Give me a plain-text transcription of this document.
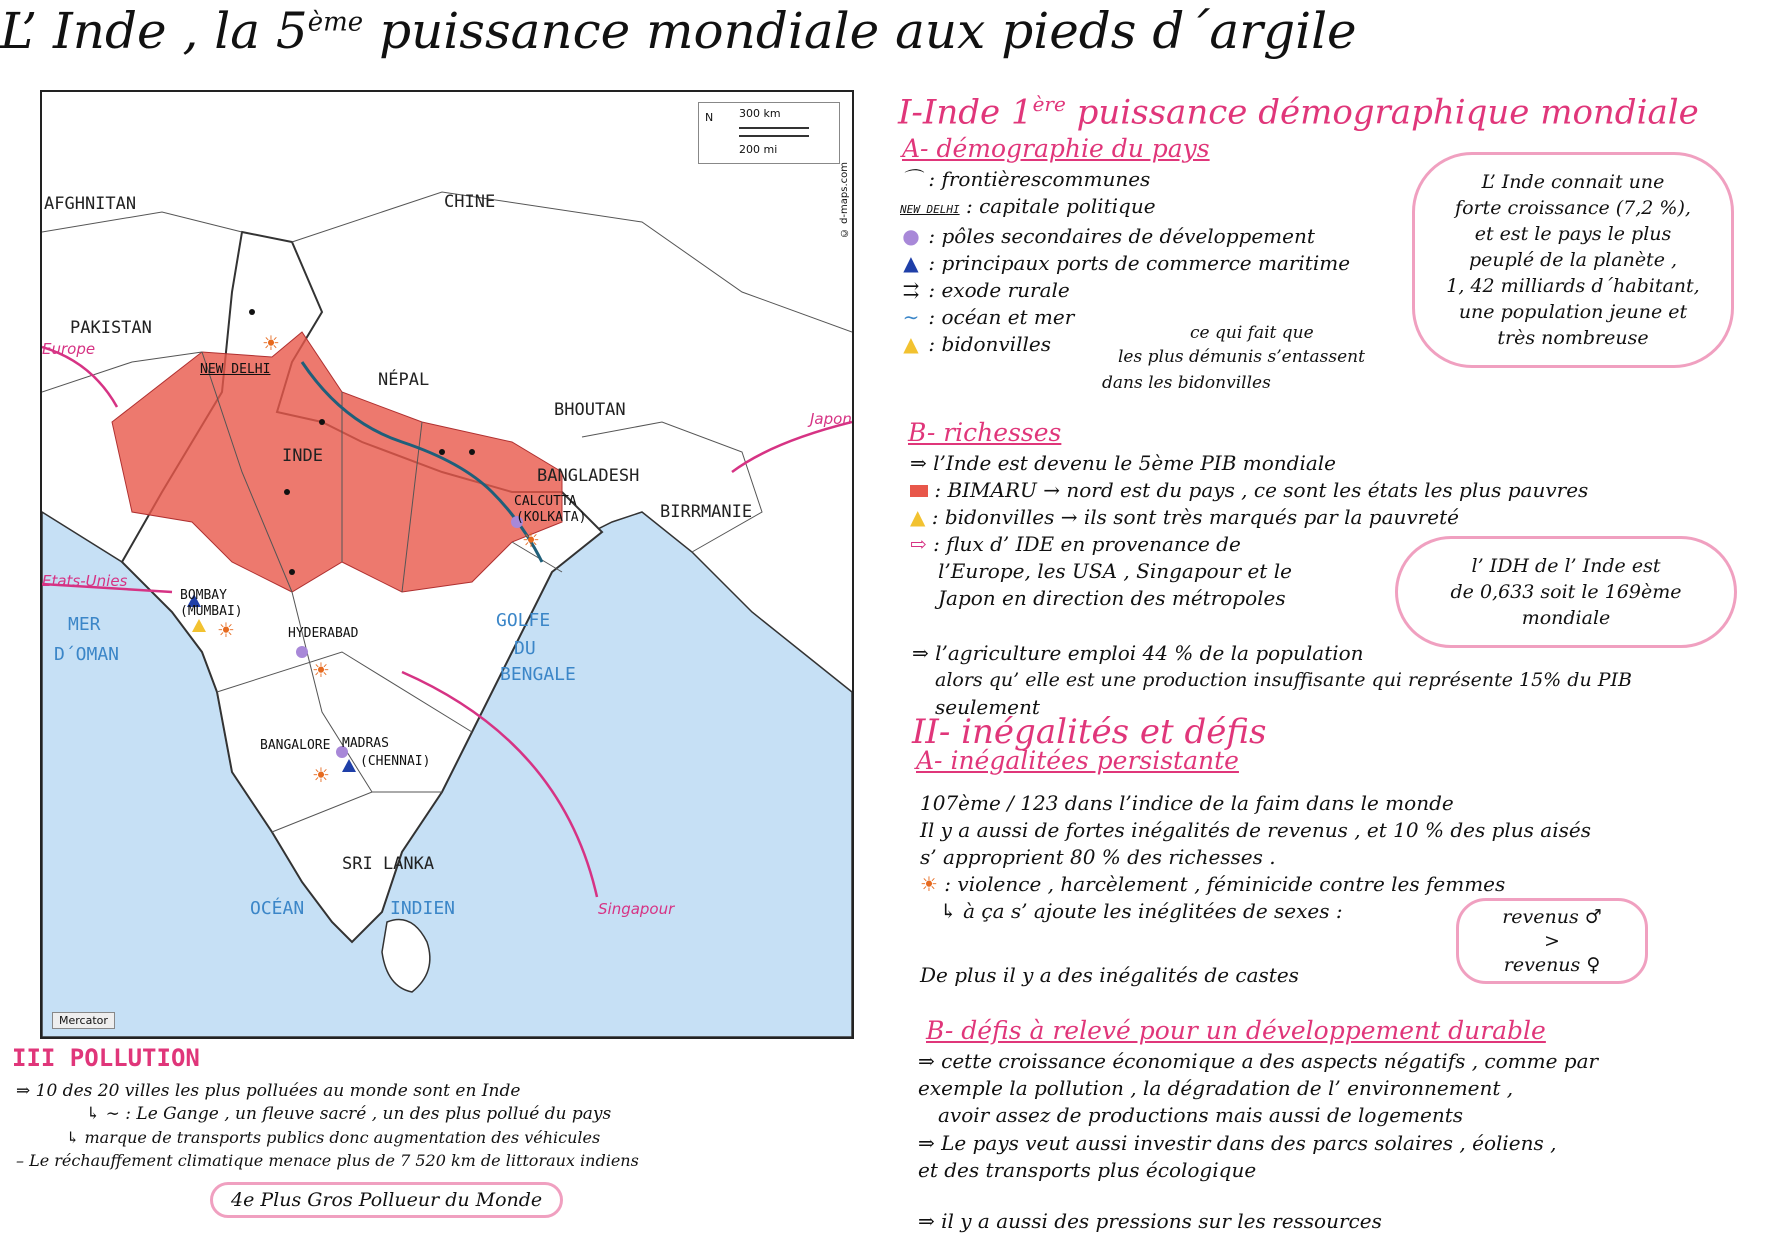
L’ Inde , la 5ème puissance mondiale aux pieds d´argile
☀
☀
☀
☀
☀
N 300 km
200 mi
© d-maps.com
Mercator
AFGHNITAN	CHINE
PAKISTAN
NÉPAL
BHOUTAN
BANGLADESH
BIRRMANIE
INDE
SRI LANKA
MER
D´OMAN
GOLFE
DU
BENGALE
OCÉAN	INDIEN
Europe
Japon
Etats-Unies
Singapour
NEW DELHI
CALCUTTA
(KOLKATA)
BOMBAY
(MUMBAI)
HYDERABAD
BANGALORE MADRAS
(CHENNAI)
I-Inde 1ère puissance démographique mondiale
A- démographie du pays
⌒ : frontièrescommunes
NEW DELHI : capitale politique
● : pôles secondaires de développement
▲ : principaux ports de commerce maritime
⇉ : exode rurale
∼ : océan et mer
▲ : bidonvilles	ce qui fait que
les plus démunis s’entassent
dans les bidonvilles
L’ Inde connait une
forte croissance (7,2 %),
et est le pays le plus
peuplé de la planète ,
1, 42 milliards d´habitant,
une population jeune et
très nombreuse
B- richesses
⇒ l’Inde est devenu le 5ème PIB mondiale
: BIMARU → nord est du pays , ce sont les états les plus pauvres
▲ : bidonvilles → ils sont très marqués par la pauvreté
⇨ : flux d’ IDE en provenance de
l’Europe, les USA , Singapour et le
Japon en direction des métropoles
l’ IDH de l’ Inde est
de 0,633 soit le 169ème
mondiale
⇒ l’agriculture emploi 44 % de la population
alors qu’ elle est une production insuffisante qui représente 15% du PIB
seulement
II- inégalités et défis
A- inégalitées persistante
107ème / 123 dans l’indice de la faim dans le monde
Il y a aussi de fortes inégalités de revenus , et 10 % des plus aisés
s’ approprient 80 % des richesses .
☀ : violence , harcèlement , féminicide contre les femmes
↳ à ça s’ ajoute les inéglitées de sexes :	revenus ♂
>
revenus ♀
De plus il y a des inégalités de castes
B- défis à relevé pour un développement durable
⇒ cette croissance économique a des aspects négatifs , comme par
exemple la pollution , la dégradation de l’ environnement ,
avoir assez de productions mais aussi de logements
⇒ Le pays veut aussi investir dans des parcs solaires , éoliens ,
et des transports plus écologique
⇒ il y a aussi des pressions sur les ressources
III POLLUTION
⇒ 10 des 20 villes les plus polluées au monde sont en Inde
↳ ∼ : Le Gange , un fleuve sacré , un des plus pollué du pays
↳ marque de transports publics donc augmentation des véhicules
– Le réchauffement climatique menace plus de 7 520 km de littoraux indiens
4e Plus Gros Pollueur du Monde
